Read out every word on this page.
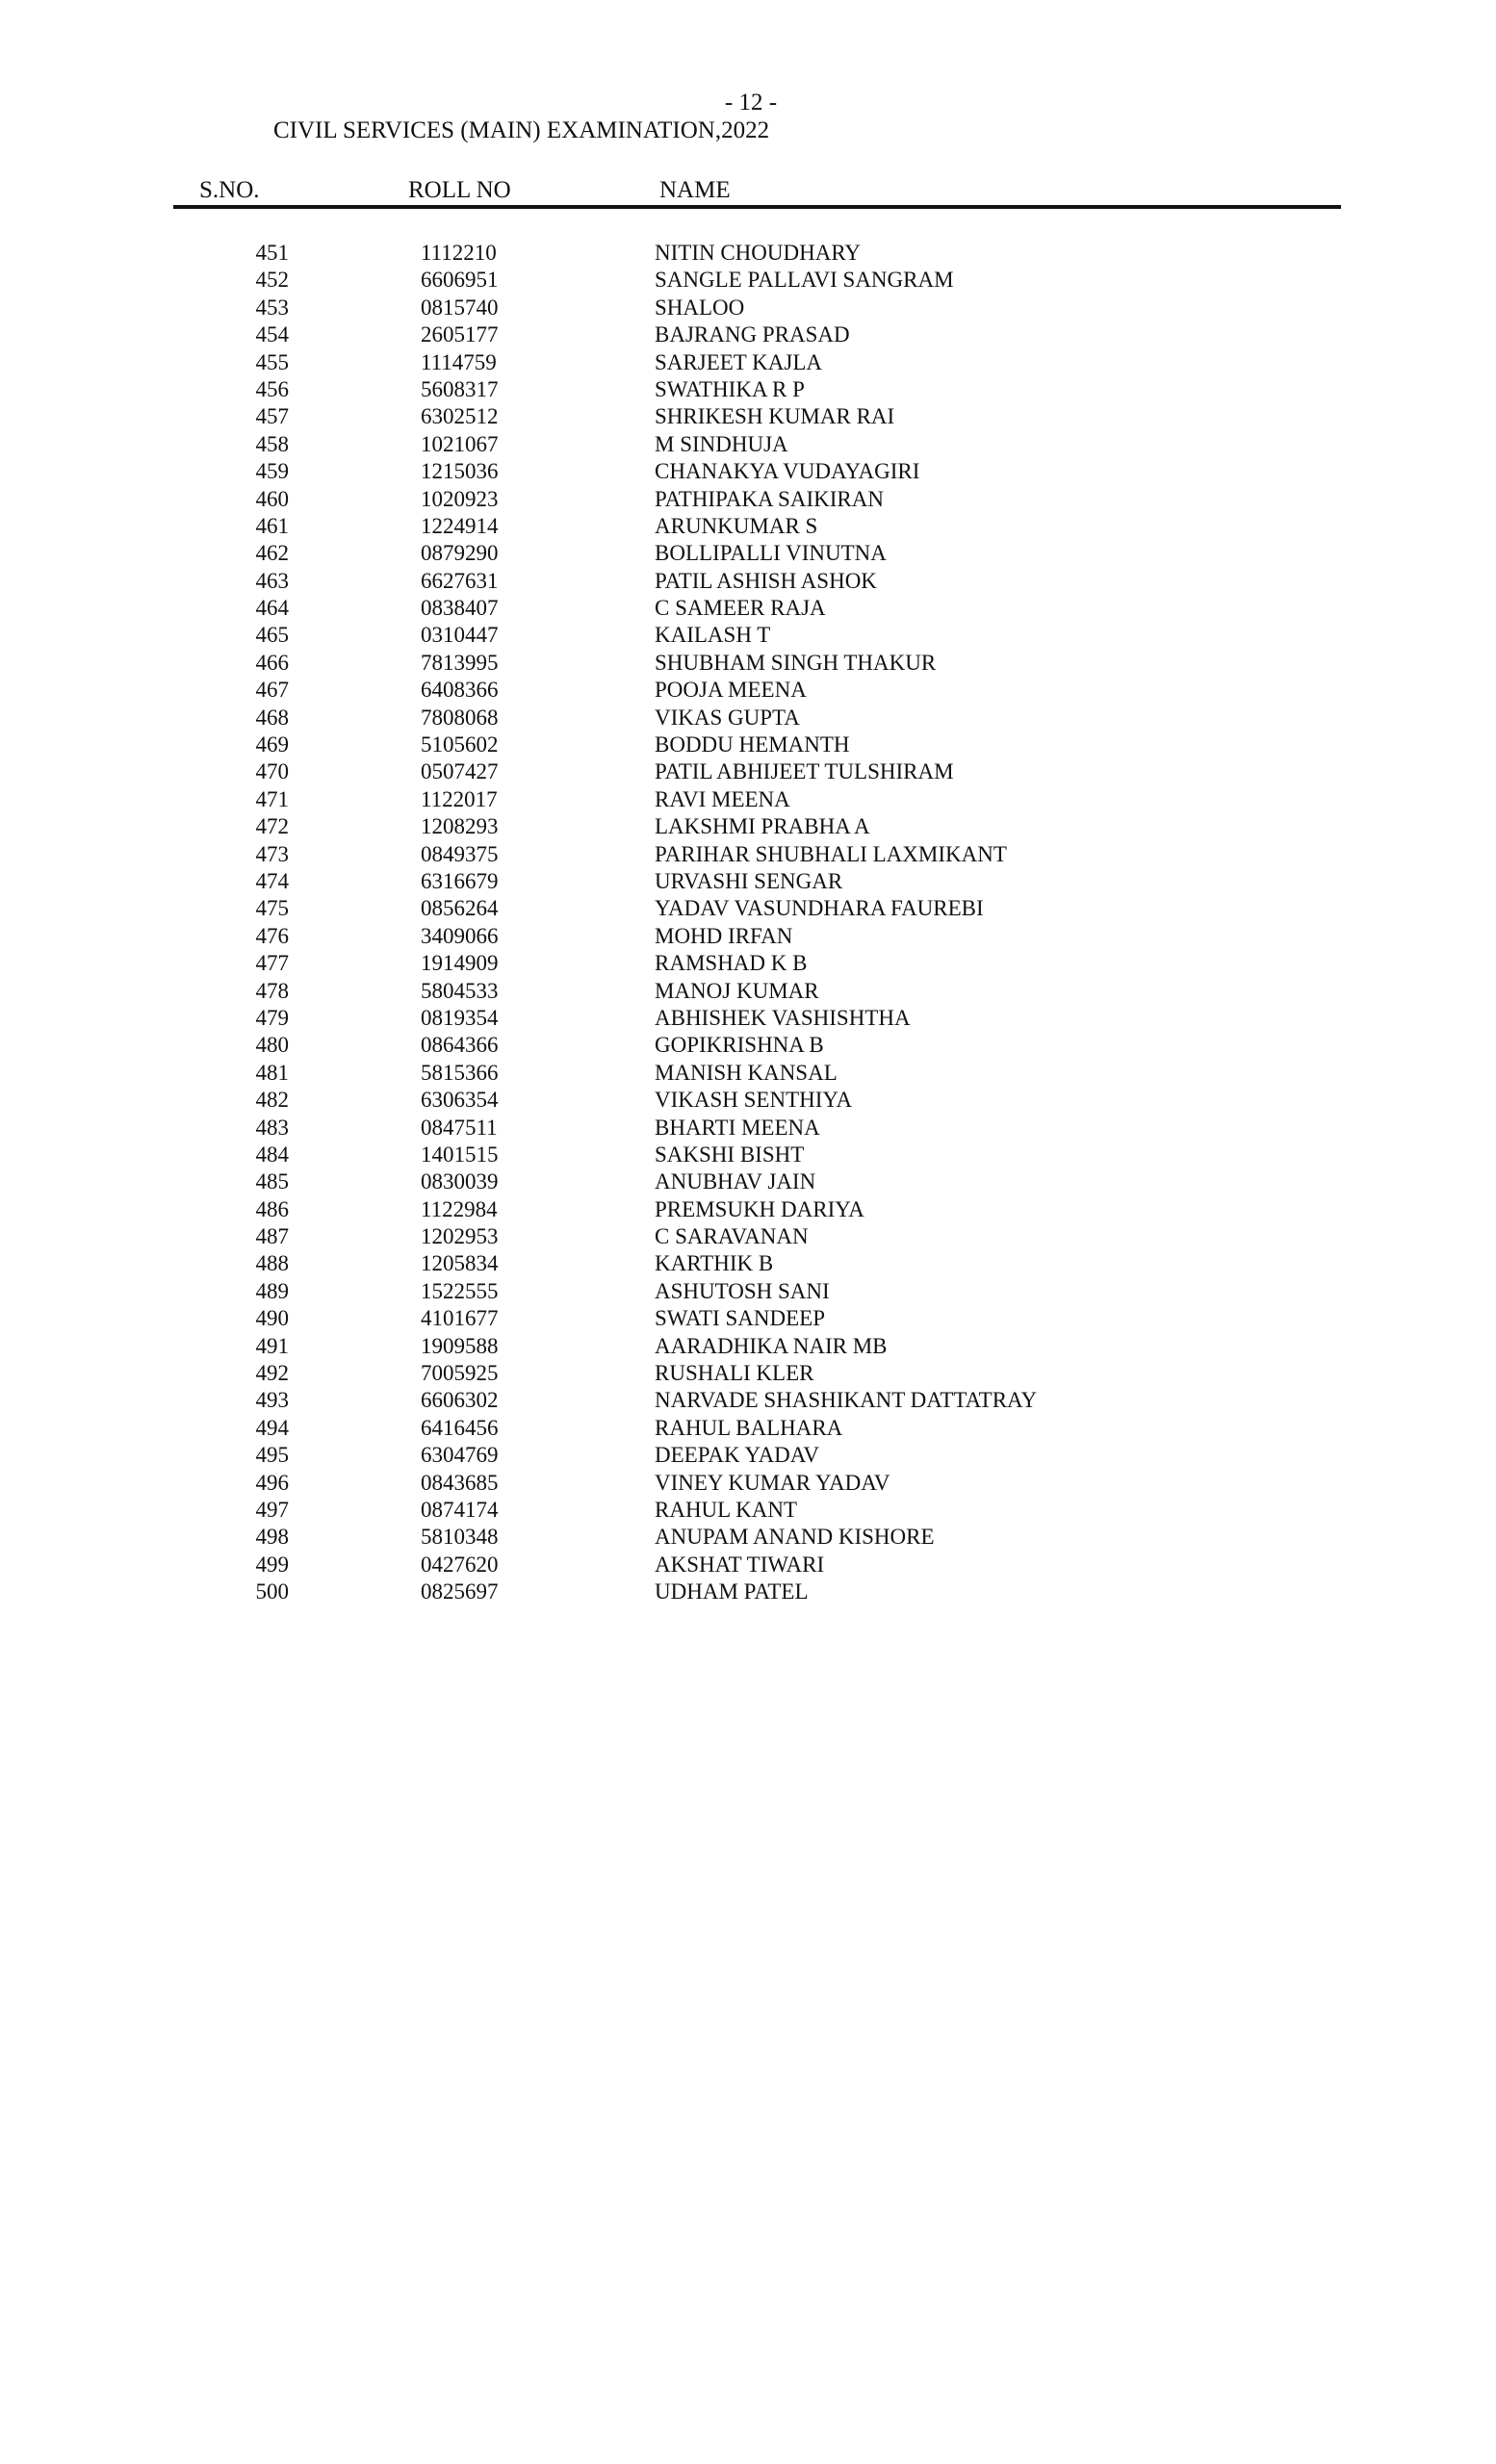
- 12 -
CIVIL SERVICES (MAIN) EXAMINATION,2022
S.NO.	ROLL NO	NAME
451	1112210	NITIN CHOUDHARY
452	6606951	SANGLE PALLAVI SANGRAM
453	0815740	SHALOO
454	2605177	BAJRANG PRASAD
455	1114759	SARJEET KAJLA
456	5608317	SWATHIKA R P
457	6302512	SHRIKESH KUMAR RAI
458	1021067	M SINDHUJA
459	1215036	CHANAKYA VUDAYAGIRI
460	1020923	PATHIPAKA SAIKIRAN
461	1224914	ARUNKUMAR S
462	0879290	BOLLIPALLI VINUTNA
463	6627631	PATIL ASHISH ASHOK
464	0838407	C SAMEER RAJA
465	0310447	KAILASH T
466	7813995	SHUBHAM SINGH THAKUR
467	6408366	POOJA MEENA
468	7808068	VIKAS GUPTA
469	5105602	BODDU HEMANTH
470	0507427	PATIL ABHIJEET TULSHIRAM
471	1122017	RAVI MEENA
472	1208293	LAKSHMI PRABHA A
473	0849375	PARIHAR SHUBHALI LAXMIKANT
474	6316679	URVASHI SENGAR
475	0856264	YADAV VASUNDHARA FAUREBI
476	3409066	MOHD IRFAN
477	1914909	RAMSHAD K B
478	5804533	MANOJ KUMAR
479	0819354	ABHISHEK VASHISHTHA
480	0864366	GOPIKRISHNA B
481	5815366	MANISH KANSAL
482	6306354	VIKASH SENTHIYA
483	0847511	BHARTI MEENA
484	1401515	SAKSHI BISHT
485	0830039	ANUBHAV JAIN
486	1122984	PREMSUKH DARIYA
487	1202953	C SARAVANAN
488	1205834	KARTHIK B
489	1522555	ASHUTOSH SANI
490	4101677	SWATI SANDEEP
491	1909588	AARADHIKA NAIR MB
492	7005925	RUSHALI KLER
493	6606302	NARVADE SHASHIKANT DATTATRAY
494	6416456	RAHUL BALHARA
495	6304769	DEEPAK YADAV
496	0843685	VINEY KUMAR YADAV
497	0874174	RAHUL KANT
498	5810348	ANUPAM ANAND KISHORE
499	0427620	AKSHAT TIWARI
500	0825697	UDHAM PATEL
